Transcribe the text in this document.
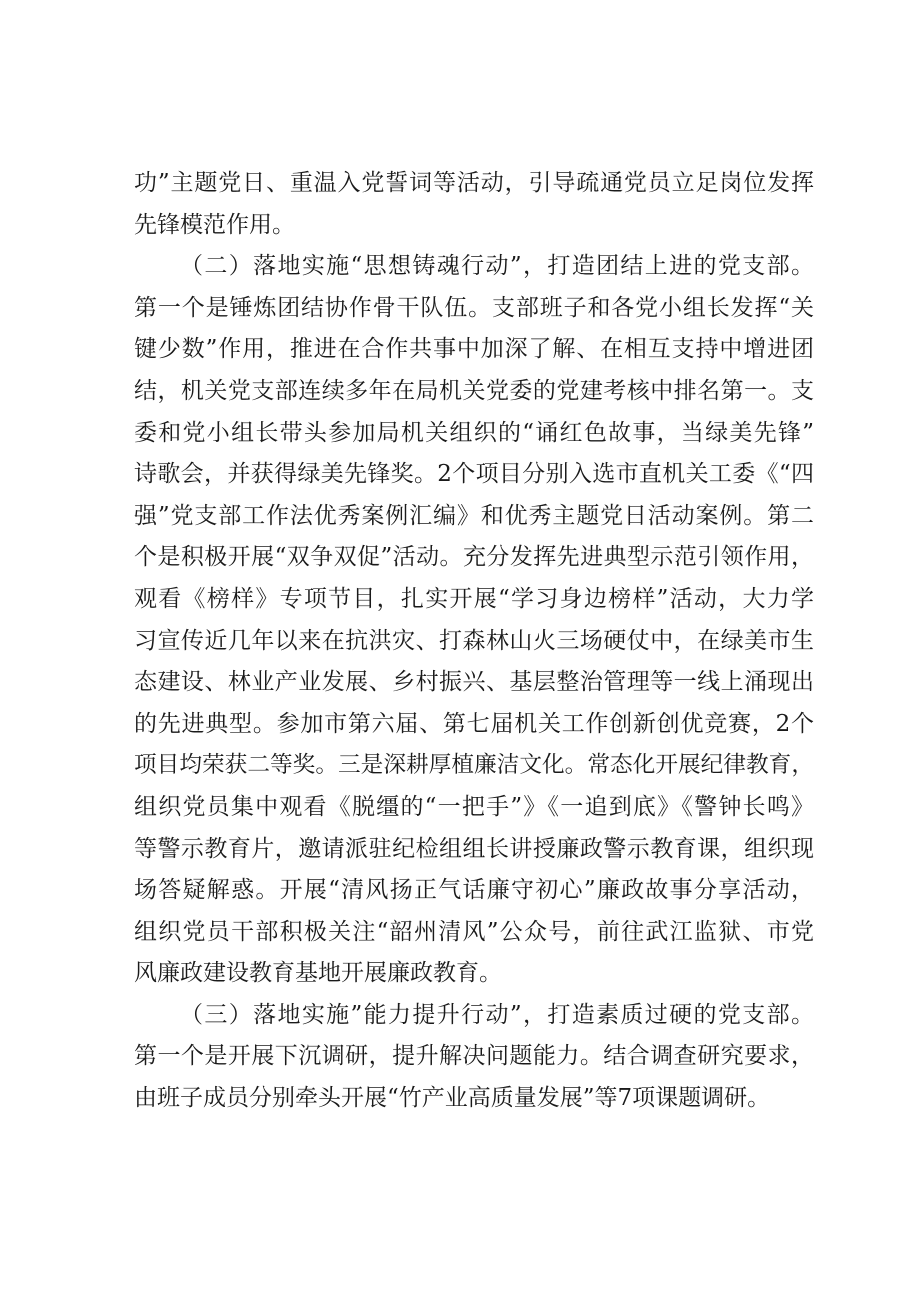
功”主题党日、重温入党誓词等活动，引导疏通党员立足岗位发挥
先锋模范作用。
（二）落地实施“思想铸魂行动”，打造团结上进的党支部。
第一个是锤炼团结协作骨干队伍。支部班子和各党小组长发挥“关
键少数”作用，推进在合作共事中加深了解、在相互支持中增进团
结，机关党支部连续多年在局机关党委的党建考核中排名第一。支
委和党小组长带头参加局机关组织的“诵红色故事，当绿美先锋”
诗歌会，并获得绿美先锋奖。2个项目分别入选市直机关工委《“四
强”党支部工作法优秀案例汇编》和优秀主题党日活动案例。第二
个是积极开展“双争双促”活动。充分发挥先进典型示范引领作用，
观看《榜样》专项节目，扎实开展“学习身边榜样”活动，大力学
习宣传近几年以来在抗洪灾、打森林山火三场硬仗中，在绿美市生
态建设、林业产业发展、乡村振兴、基层整治管理等一线上涌现出
的先进典型。参加市第六届、第七届机关工作创新创优竞赛，2个
项目均荣获二等奖。三是深耕厚植廉洁文化。常态化开展纪律教育，
组织党员集中观看《脱缰的“一把手”》《一追到底》《警钟长鸣》
等警示教育片，邀请派驻纪检组组长讲授廉政警示教育课，组织现
场答疑解惑。开展“清风扬正气话廉守初心”廉政故事分享活动，
组织党员干部积极关注“韶州清风”公众号，前往武江监狱、市党
风廉政建设教育基地开展廉政教育。
（三）落地实施”能力提升行动”，打造素质过硬的党支部。
第一个是开展下沉调研，提升解决问题能力。结合调查研究要求，
由班子成员分别牵头开展“竹产业高质量发展”等7项课题调研。
